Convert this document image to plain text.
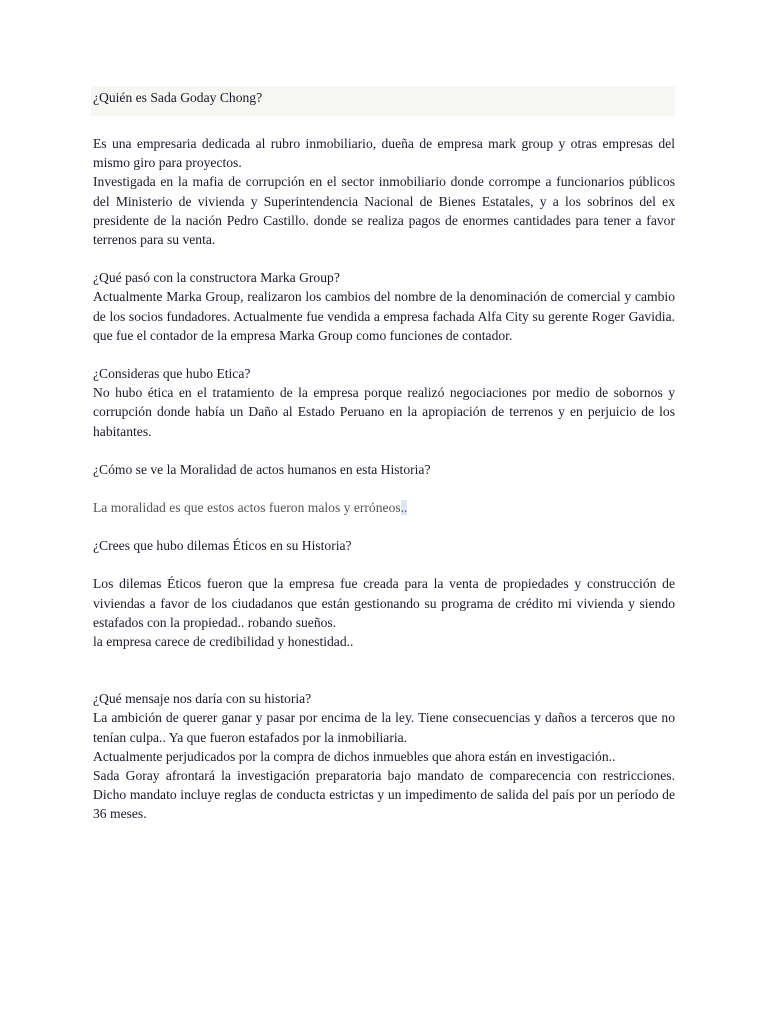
¿Quién es Sada Goday Chong?

Es una empresaria dedicada al rubro inmobiliario, dueña de empresa mark group y otras empresas del mismo giro para proyectos.

Investigada en la mafia de corrupción en el sector inmobiliario donde corrompe a funcionarios públicos del Ministerio de vivienda y Superintendencia Nacional de Bienes Estatales, y a los sobrinos del ex presidente de la nación Pedro Castillo. donde se realiza pagos de enormes cantidades para tener a favor terrenos para su venta.

¿Qué pasó con la constructora Marka Group?

Actualmente Marka Group, realizaron los cambios del nombre de la denominación de comercial y cambio de los socios fundadores. Actualmente fue vendida a empresa fachada Alfa City su gerente Roger Gavidia. que fue el contador de la empresa Marka Group como funciones de contador.

¿Consideras que hubo Etica?

No hubo ética en el tratamiento de la empresa porque realizó negociaciones por medio de sobornos y corrupción donde había un Daño al Estado Peruano en la apropiación de terrenos y en perjuicio de los habitantes.

¿Cómo se ve la Moralidad de actos humanos en esta Historia?

La moralidad es que estos actos fueron malos y erróneos..

¿Crees que hubo dilemas Éticos en su Historia?

Los dilemas Éticos fueron que la empresa fue creada para la venta de propiedades y construcción de viviendas a favor de los ciudadanos que están gestionando su programa de crédito mi vivienda y siendo estafados con la propiedad.. robando sueños.

la empresa carece de credibilidad y honestidad..

¿Qué mensaje nos daría con su historia?

La ambición de querer ganar y pasar por encima de la ley. Tiene consecuencias y daños a terceros que no tenían culpa.. Ya que fueron estafados por la inmobiliaria.

Actualmente perjudicados por la compra de dichos inmuebles que ahora están en investigación..

Sada Goray afrontará la investigación preparatoria bajo mandato de comparecencia con restricciones. Dicho mandato incluye reglas de conducta estrictas y un impedimento de salida del país por un período de 36 meses.
